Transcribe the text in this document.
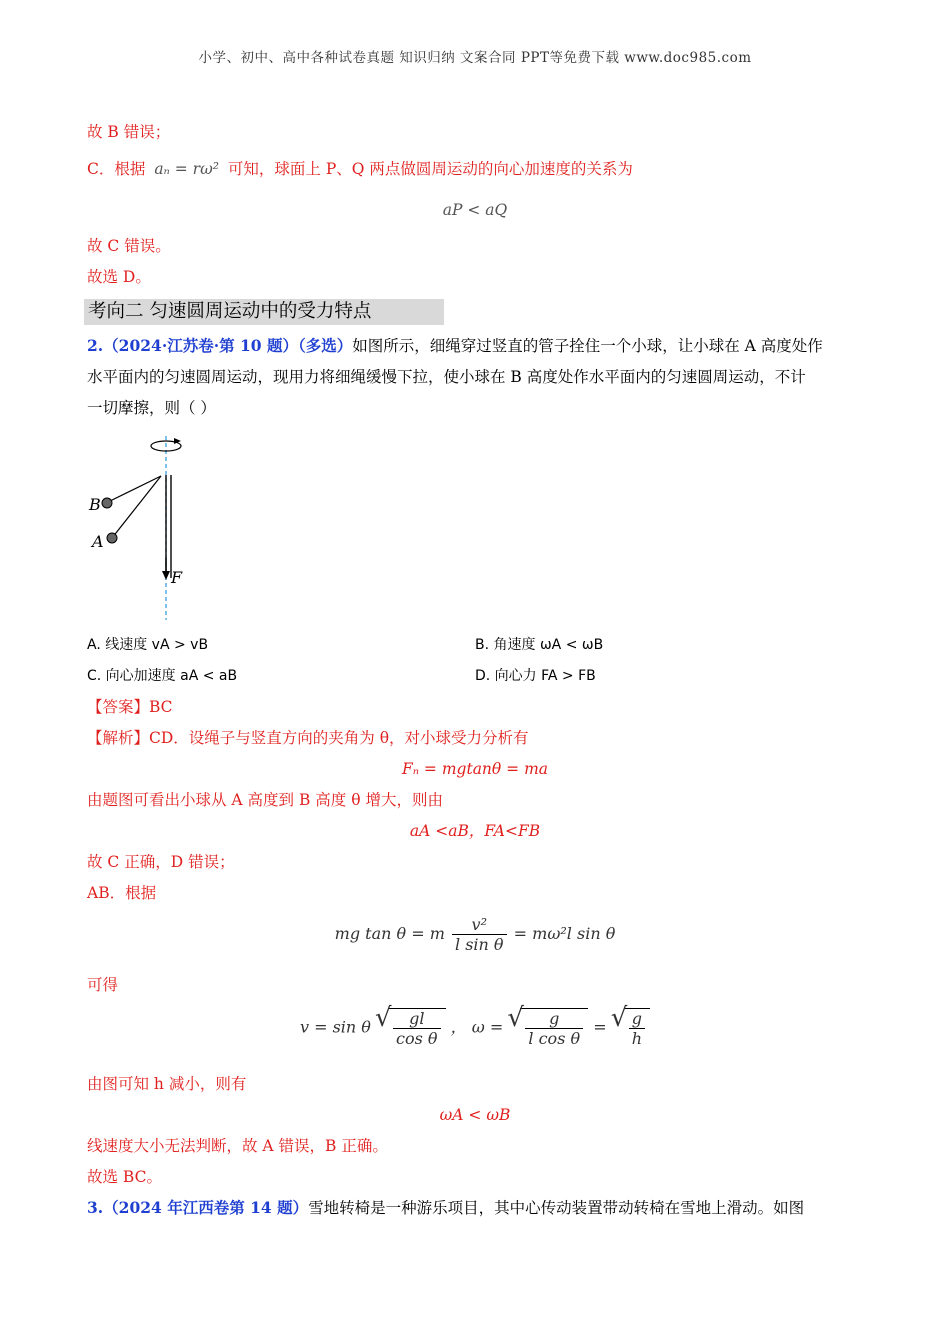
小学、初中、高中各种试卷真题 知识归纳 文案合同 PPT等免费下载 www.doc985.com
故 B 错误；
C．根据 aₙ = rω² 可知，球面上 P、Q 两点做圆周运动的向心加速度的关系为
aP < aQ
故 C 错误。
故选 D。
考向二 匀速圆周运动中的受力特点
2.（2024·江苏卷·第 10 题）（多选）如图所示，细绳穿过竖直的管子拴住一个小球，让小球在 A 高度处作
水平面内的匀速圆周运动，现用力将细绳缓慢下拉，使小球在 B 高度处作水平面内的匀速圆周运动，不计
一切摩擦，则（ ）
B
A
F
A. 线速度 vA > vB	B. 角速度 ωA < ωB
C. 向心加速度 aA < aB	D. 向心力 FA > FB
【答案】BC
【解析】CD．设绳子与竖直方向的夹角为 θ，对小球受力分析有
Fₙ = mgtanθ = ma
由题图可看出小球从 A 高度到 B 高度 θ 增大，则由
aA <aB，FA<FB
故 C 正确，D 错误；
AB．根据
mg tan θ = m $\frac{\text{v²}}{\text{l sin θ}} = m\omega^2l$ sin θ
可得
v = sin θ √ $\frac{gl}{\text{cos θ}}$ ， ω = √ $\frac{g}{\text{l cos θ}}$ = √ $\frac{g}{h}$
由图可知 h 减小，则有
ωA < ωB
线速度大小无法判断，故 A 错误，B 正确。
故选 BC。
3.（2024 年江西卷第 14 题）雪地转椅是一种游乐项目，其中心传动装置带动转椅在雪地上滑动。如图
